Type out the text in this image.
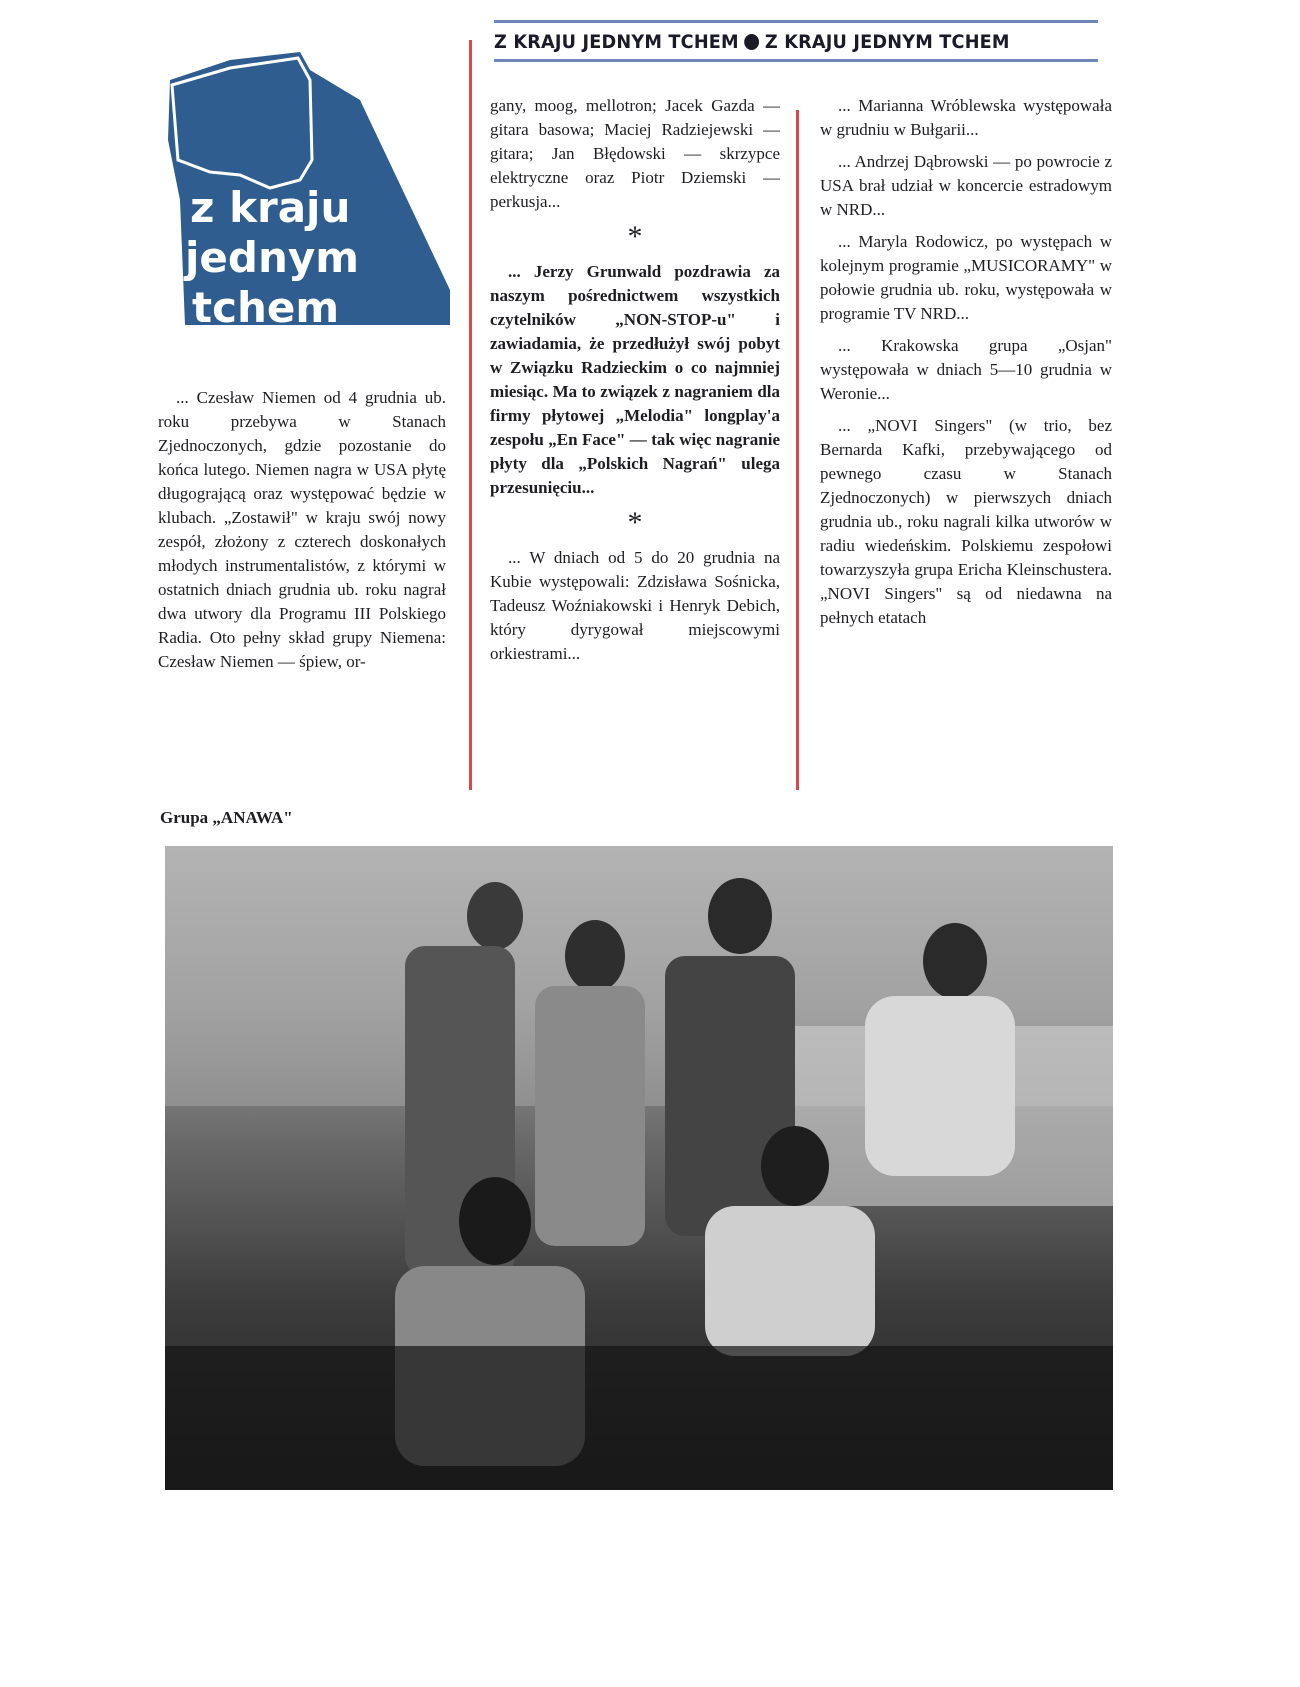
z kraju
jednym
tchem
Z KRAJU JEDNYM TCHEM Z KRAJU JEDNYM TCHEM

... Czesław Niemen od 4 grudnia ub. roku przebywa w Stanach Zjednoczonych, gdzie pozostanie do końca lutego. Niemen nagra w USA płytę długogrającą oraz występować będzie w klubach. „Zostawił" w kraju swój nowy zespół, złożony z czterech doskonałych młodych instrumentalistów, z którymi w ostatnich dniach grudnia ub. roku nagrał dwa utwory dla Programu III Polskiego Radia. Oto pełny skład grupy Niemena: Czesław Niemen — śpiew, or-

gany, moog, mellotron; Jacek Gazda — gitara basowa; Maciej Radziejewski — gitara; Jan Błędowski — skrzypce elektryczne oraz Piotr Dziemski — perkusja...

*

... Jerzy Grunwald pozdrawia za naszym pośrednictwem wszystkich czytelników „NON-STOP-u" i zawiadamia, że przedłużył swój pobyt w Związku Radzieckim o co najmniej miesiąc. Ma to związek z nagraniem dla firmy płytowej „Melodia" longplay'a zespołu „En Face" — tak więc nagranie płyty dla „Polskich Nagrań" ulega przesunięciu...

*

... W dniach od 5 do 20 grudnia na Kubie występowali: Zdzisława Sośnicka, Tadeusz Woźniakowski i Henryk Debich, który dyrygował miejscowymi orkiestrami...

... Marianna Wróblewska występowała w grudniu w Bułgarii...

... Andrzej Dąbrowski — po powrocie z USA brał udział w koncercie estradowym w NRD...

... Maryla Rodowicz, po występach w kolejnym programie „MUSICORAMY" w połowie grudnia ub. roku, występowała w programie TV NRD...

... Krakowska grupa „Osjan" występowała w dniach 5—10 grudnia w Weronie...

... „NOVI Singers" (w trio, bez Bernarda Kafki, przebywającego od pewnego czasu w Stanach Zjednoczonych) w pierwszych dniach grudnia ub., roku nagrali kilka utworów w radiu wiedeńskim. Polskiemu zespołowi towarzyszyła grupa Ericha Kleinschustera. „NOVI Singers" są od niedawna na pełnych etatach

Grupa „ANAWA"
